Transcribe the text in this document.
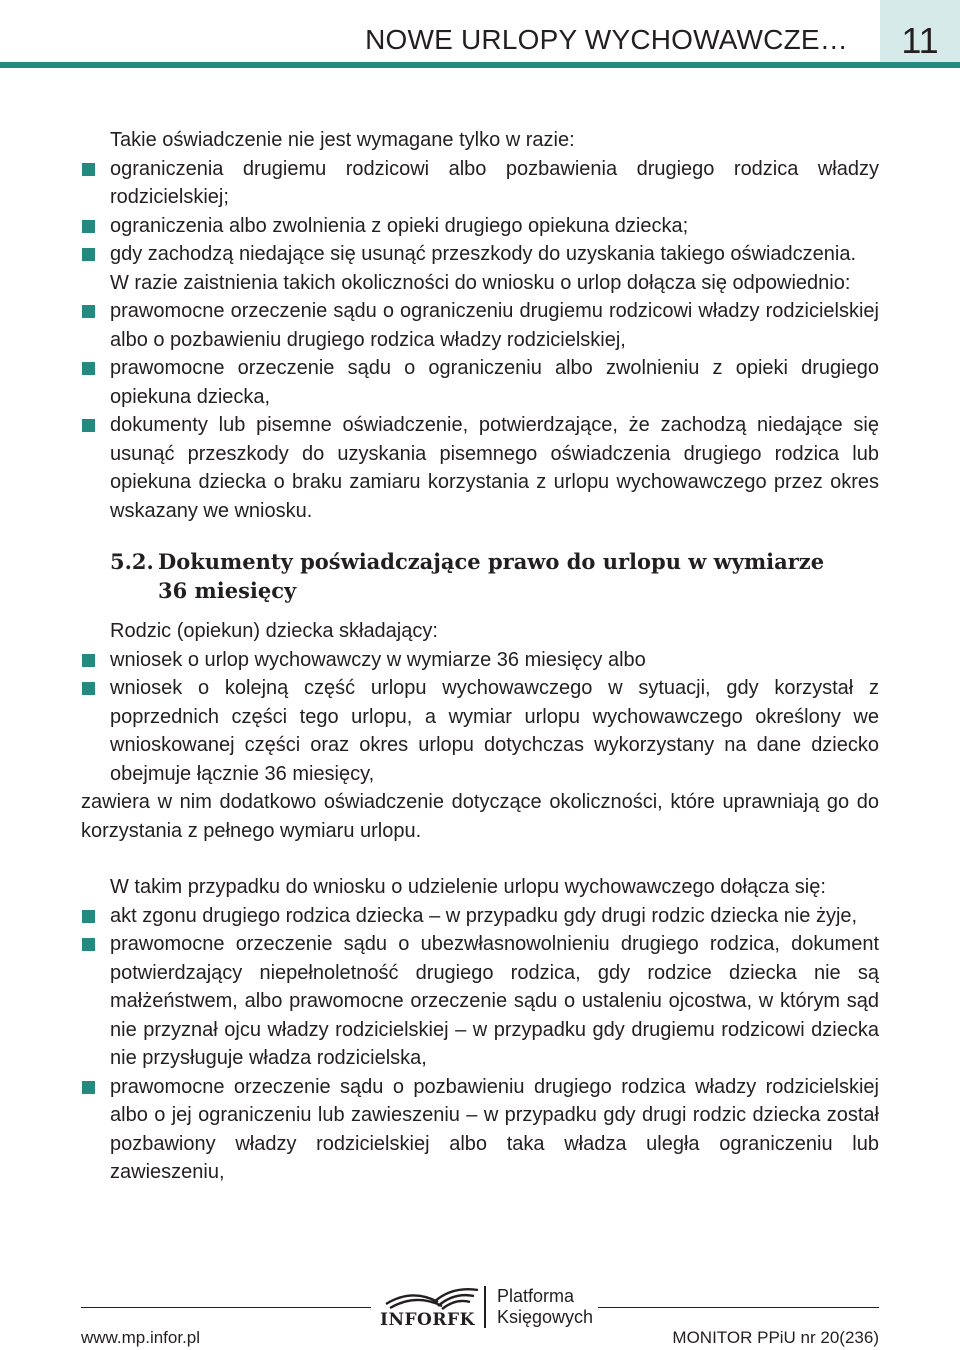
NOWE URLOPY WYCHOWAWCZE…	11

Takie oświadczenie nie jest wymagane tylko w razie:

ograniczenia drugiemu rodzicowi albo pozbawienia drugiego rodzica władzy rodzicielskiej;
ograniczenia albo zwolnienia z opieki drugiego opiekuna dziecka;
gdy zachodzą niedające się usunąć przeszkody do uzyskania takiego oświadczenia.

W razie zaistnienia takich okoliczności do wniosku o urlop dołącza się odpowiednio:

prawomocne orzeczenie sądu o ograniczeniu drugiemu rodzicowi władzy rodzicielskiej albo o pozbawieniu drugiego rodzica władzy rodzicielskiej,
prawomocne orzeczenie sądu o ograniczeniu albo zwolnieniu z opieki drugiego opiekuna dziecka,
dokumenty lub pisemne oświadczenie, potwierdzające, że zachodzą niedające się usunąć przeszkody do uzyskania pisemnego oświadczenia drugiego rodzica lub opiekuna dziecka o braku zamiaru korzystania z urlopu wychowawczego przez okres wskazany we wniosku.
5.2. Dokumenty poświadczające prawo do urlopu w wymiarze
36 miesięcy

Rodzic (opiekun) dziecka składający:

wniosek o urlop wychowawczy w wymiarze 36 miesięcy albo
wniosek o kolejną część urlopu wychowawczego w sytuacji, gdy korzystał z poprzednich części tego urlopu, a wymiar urlopu wychowawczego określony we wnioskowanej części oraz okres urlopu dotychczas wykorzystany na dane dziecko obejmuje łącznie 36 miesięcy,

zawiera w nim dodatkowo oświadczenie dotyczące okoliczności, które uprawniają go do korzystania z pełnego wymiaru urlopu.

W takim przypadku do wniosku o udzielenie urlopu wychowawczego dołącza się:

akt zgonu drugiego rodzica dziecka – w przypadku gdy drugi rodzic dziecka nie żyje,
prawomocne orzeczenie sądu o ubezwłasnowolnieniu drugiego rodzica, dokument potwierdzający niepełnoletność drugiego rodzica, gdy rodzice dziecka nie są małżeństwem, albo prawomocne orzeczenie sądu o ustaleniu ojcostwa, w którym sąd nie przyznał ojcu władzy rodzicielskiej – w przypadku gdy drugiemu rodzicowi dziecka nie przysługuje władza rodzicielska,
prawomocne orzeczenie sądu o pozbawieniu drugiego rodzica władzy rodzicielskiej albo o jej ograniczeniu lub zawieszeniu – w przypadku gdy drugi rodzic dziecka został pozbawiony władzy rodzicielskiej albo taka władza uległa ograniczeniu lub zawieszeniu,
INFORFK
Platforma
Księgowych
www.mp.infor.pl	MONITOR PPiU nr 20(236)
